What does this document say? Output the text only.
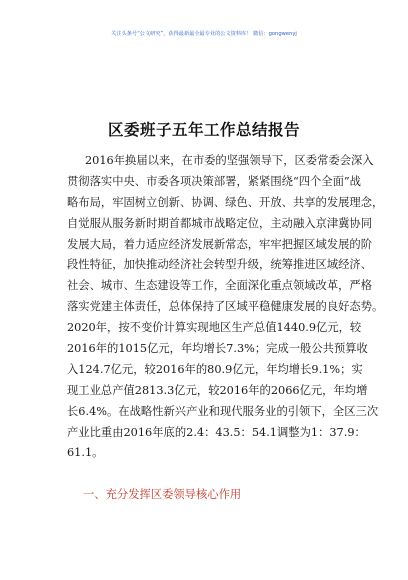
关注头条号“公文研究”，获得最新最全最专业的公文资料库！ 微信：gongwenyj
区委班子五年工作总结报告
2016年换届以来，在市委的坚强领导下，区委常委会深入
贯彻落实中央、市委各项决策部署，紧紧围绕“四个全面”战
略布局，牢固树立创新、协调、绿色、开放、共享的发展理念，
自觉服从服务新时期首都城市战略定位，主动融入京津冀协同
发展大局，着力适应经济发展新常态，牢牢把握区域发展的阶
段性特征，加快推动经济社会转型升级，统筹推进区域经济、
社会、城市、生态建设等工作，全面深化重点领域改革，严格
落实党建主体责任，总体保持了区域平稳健康发展的良好态势。
2020年，按不变价计算实现地区生产总值1440.9亿元，较
2016年的1015亿元，年均增长7.3%；完成一般公共预算收
入124.7亿元，较2016年的80.9亿元，年均增长9.1%；实
现工业总产值2813.3亿元，较2016年的2066亿元，年均增
长6.4%。在战略性新兴产业和现代服务业的引领下，全区三次
产业比重由2016年底的2.4：43.5：54.1调整为1：37.9：
61.1。
一、充分发挥区委领导核心作用
